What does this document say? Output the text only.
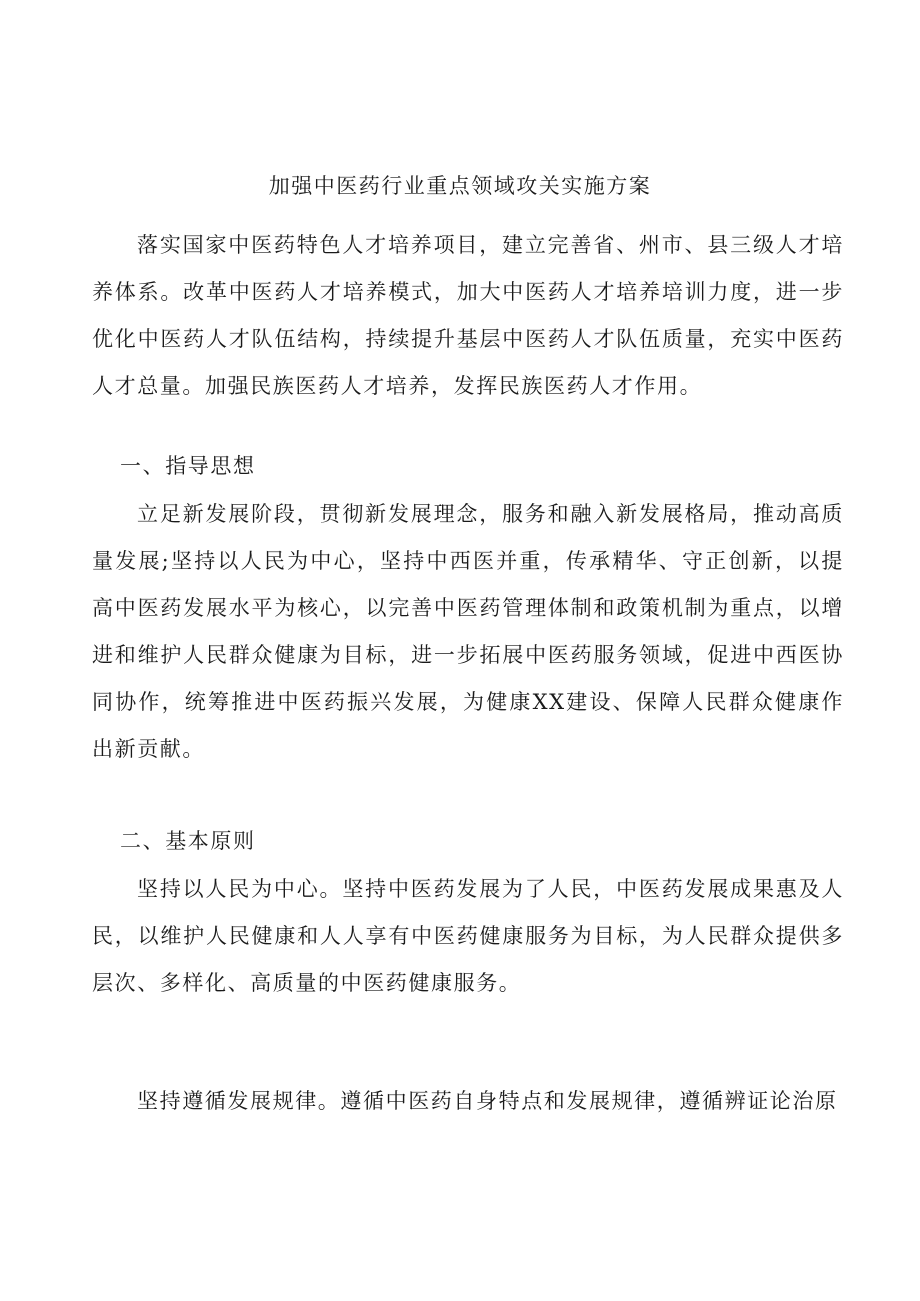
加强中医药行业重点领域攻关实施方案

落实国家中医药特色人才培养项目，建立完善省、州市、县三级人才培养体系。改革中医药人才培养模式，加大中医药人才培养培训力度，进一步优化中医药人才队伍结构，持续提升基层中医药人才队伍质量，充实中医药人才总量。加强民族医药人才培养，发挥民族医药人才作用。

一、指导思想

立足新发展阶段，贯彻新发展理念，服务和融入新发展格局，推动高质量发展;坚持以人民为中心，坚持中西医并重，传承精华、守正创新，以提高中医药发展水平为核心，以完善中医药管理体制和政策机制为重点，以增进和维护人民群众健康为目标，进一步拓展中医药服务领域，促进中西医协同协作，统筹推进中医药振兴发展，为健康XX建设、保障人民群众健康作出新贡献。

二、基本原则

坚持以人民为中心。坚持中医药发展为了人民，中医药发展成果惠及人民，以维护人民健康和人人享有中医药健康服务为目标，为人民群众提供多层次、多样化、高质量的中医药健康服务。

坚持遵循发展规律。遵循中医药自身特点和发展规律，遵循辨证论治原
